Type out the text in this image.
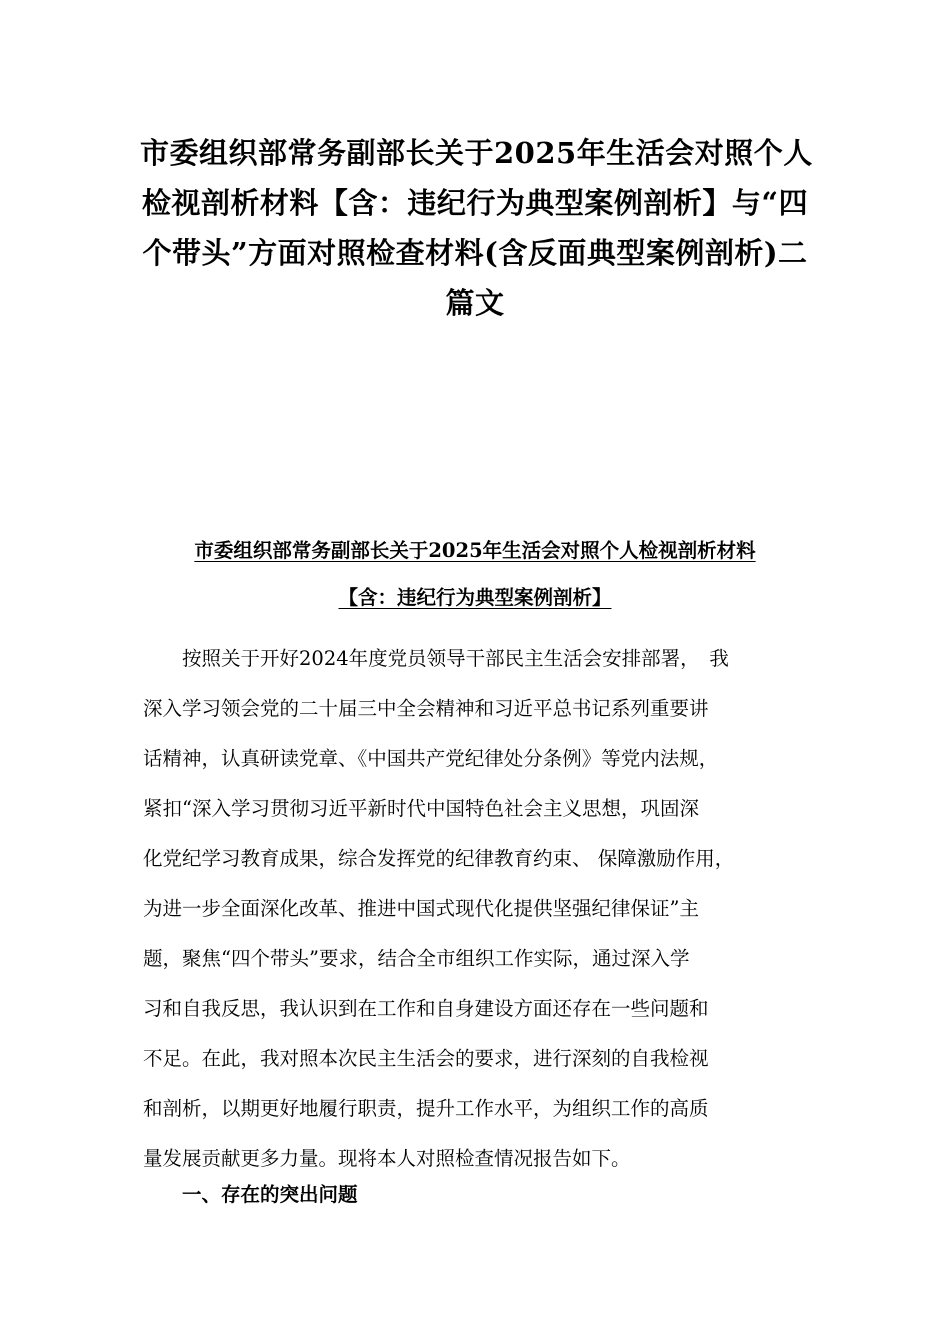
市委组织部常务副部长关于2025年生活会对照个人
检视剖析材料【含：违纪行为典型案例剖析】与“四
个带头”方面对照检查材料(含反面典型案例剖析)二
篇文
市委组织部常务副部长关于2025年生活会对照个人检视剖析材料
【含：违纪行为典型案例剖析】
　　按照关于开好2024年度党员领导干部民主生活会安排部署，　我
深入学习领会党的二十届三中全会精神和习近平总书记系列重要讲
话精神，认真研读党章、《中国共产党纪律处分条例》等党内法规，
紧扣“深入学习贯彻习近平新时代中国特色社会主义思想，巩固深
化党纪学习教育成果，综合发挥党的纪律教育约束、 保障激励作用，
为进一步全面深化改革、推进中国式现代化提供坚强纪律保证”主
题，聚焦“四个带头”要求，结合全市组织工作实际，通过深入学
习和自我反思，我认识到在工作和自身建设方面还存在一些问题和
不足。在此，我对照本次民主生活会的要求，进行深刻的自我检视
和剖析，以期更好地履行职责，提升工作水平，为组织工作的高质
量发展贡献更多力量。现将本人对照检查情况报告如下。
一、存在的突出问题
